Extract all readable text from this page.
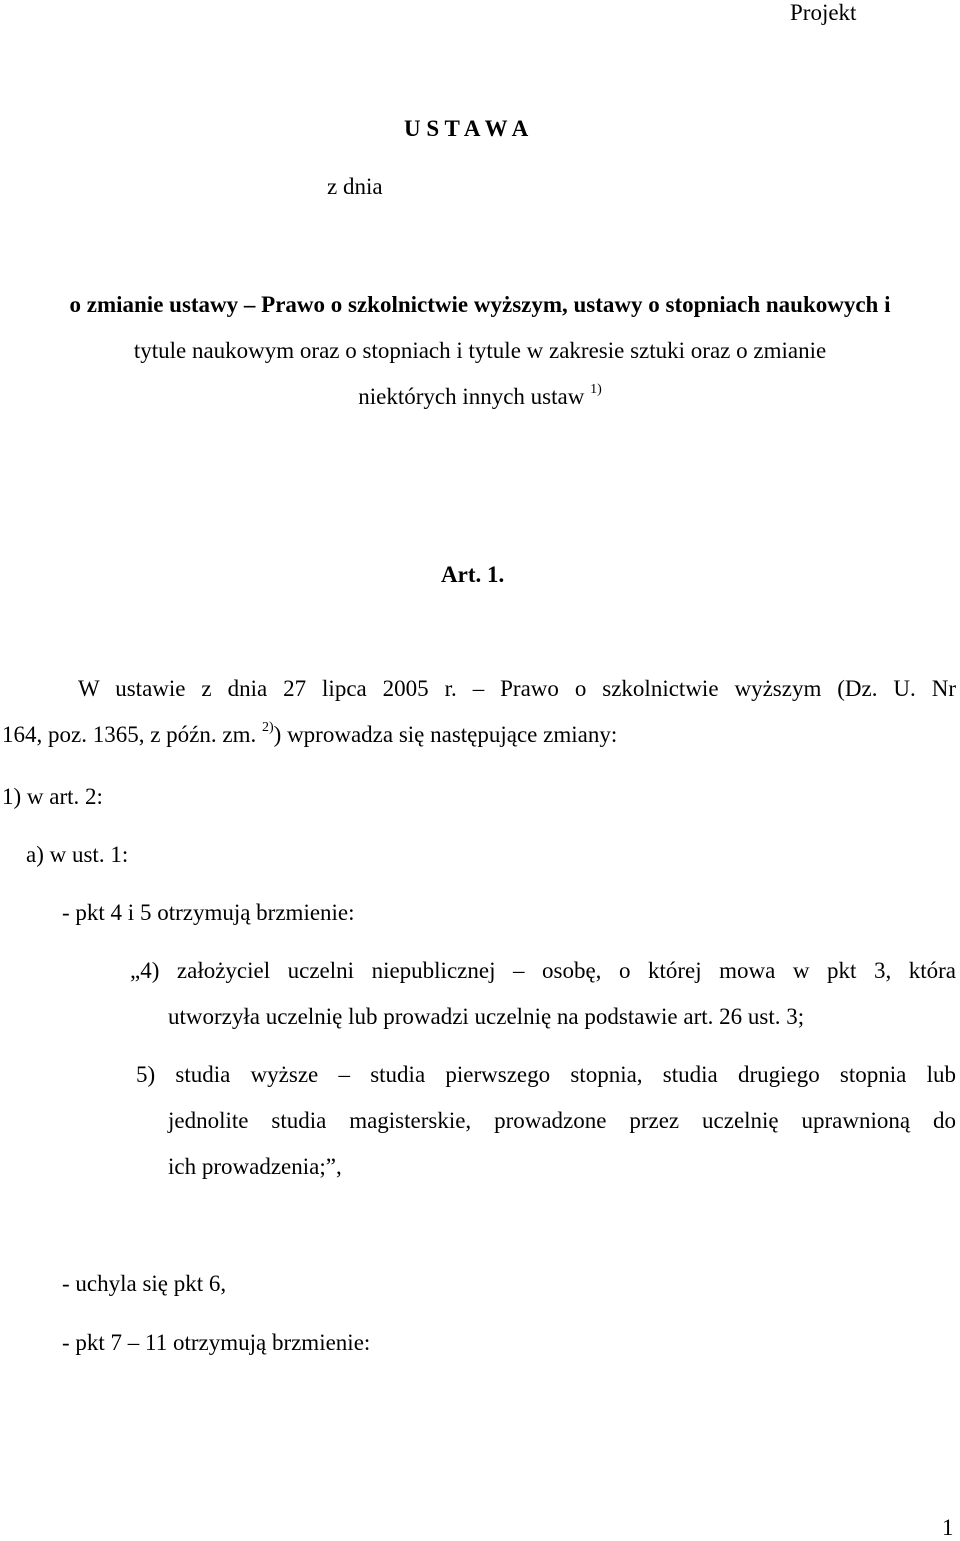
Projekt
U S T A W A
z dnia
o zmianie ustawy – Prawo o szkolnictwie wyższym, ustawy o stopniach naukowych i
tytule naukowym oraz o stopniach i tytule w zakresie sztuki oraz o zmianie
niektórych innych ustaw $^{1)}$
Art. 1.
W ustawie z dnia 27 lipca 2005 r. – Prawo o szkolnictwie wyższym (Dz. U. Nr
164, poz. 1365, z późn. zm. $^{2)}$) wprowadza się następujące zmiany:
1) w art. 2:
a) w ust. 1:
- pkt 4 i 5 otrzymują brzmienie:
„4) założyciel uczelni niepublicznej – osobę, o której mowa w pkt 3, która
utworzyła uczelnię lub prowadzi uczelnię na podstawie art. 26 ust. 3;
5) studia wyższe – studia pierwszego stopnia, studia drugiego stopnia lub
jednolite studia magisterskie, prowadzone przez uczelnię uprawnioną do
ich prowadzenia;”,
- uchyla się pkt 6,
- pkt 7 – 11 otrzymują brzmienie:
1
